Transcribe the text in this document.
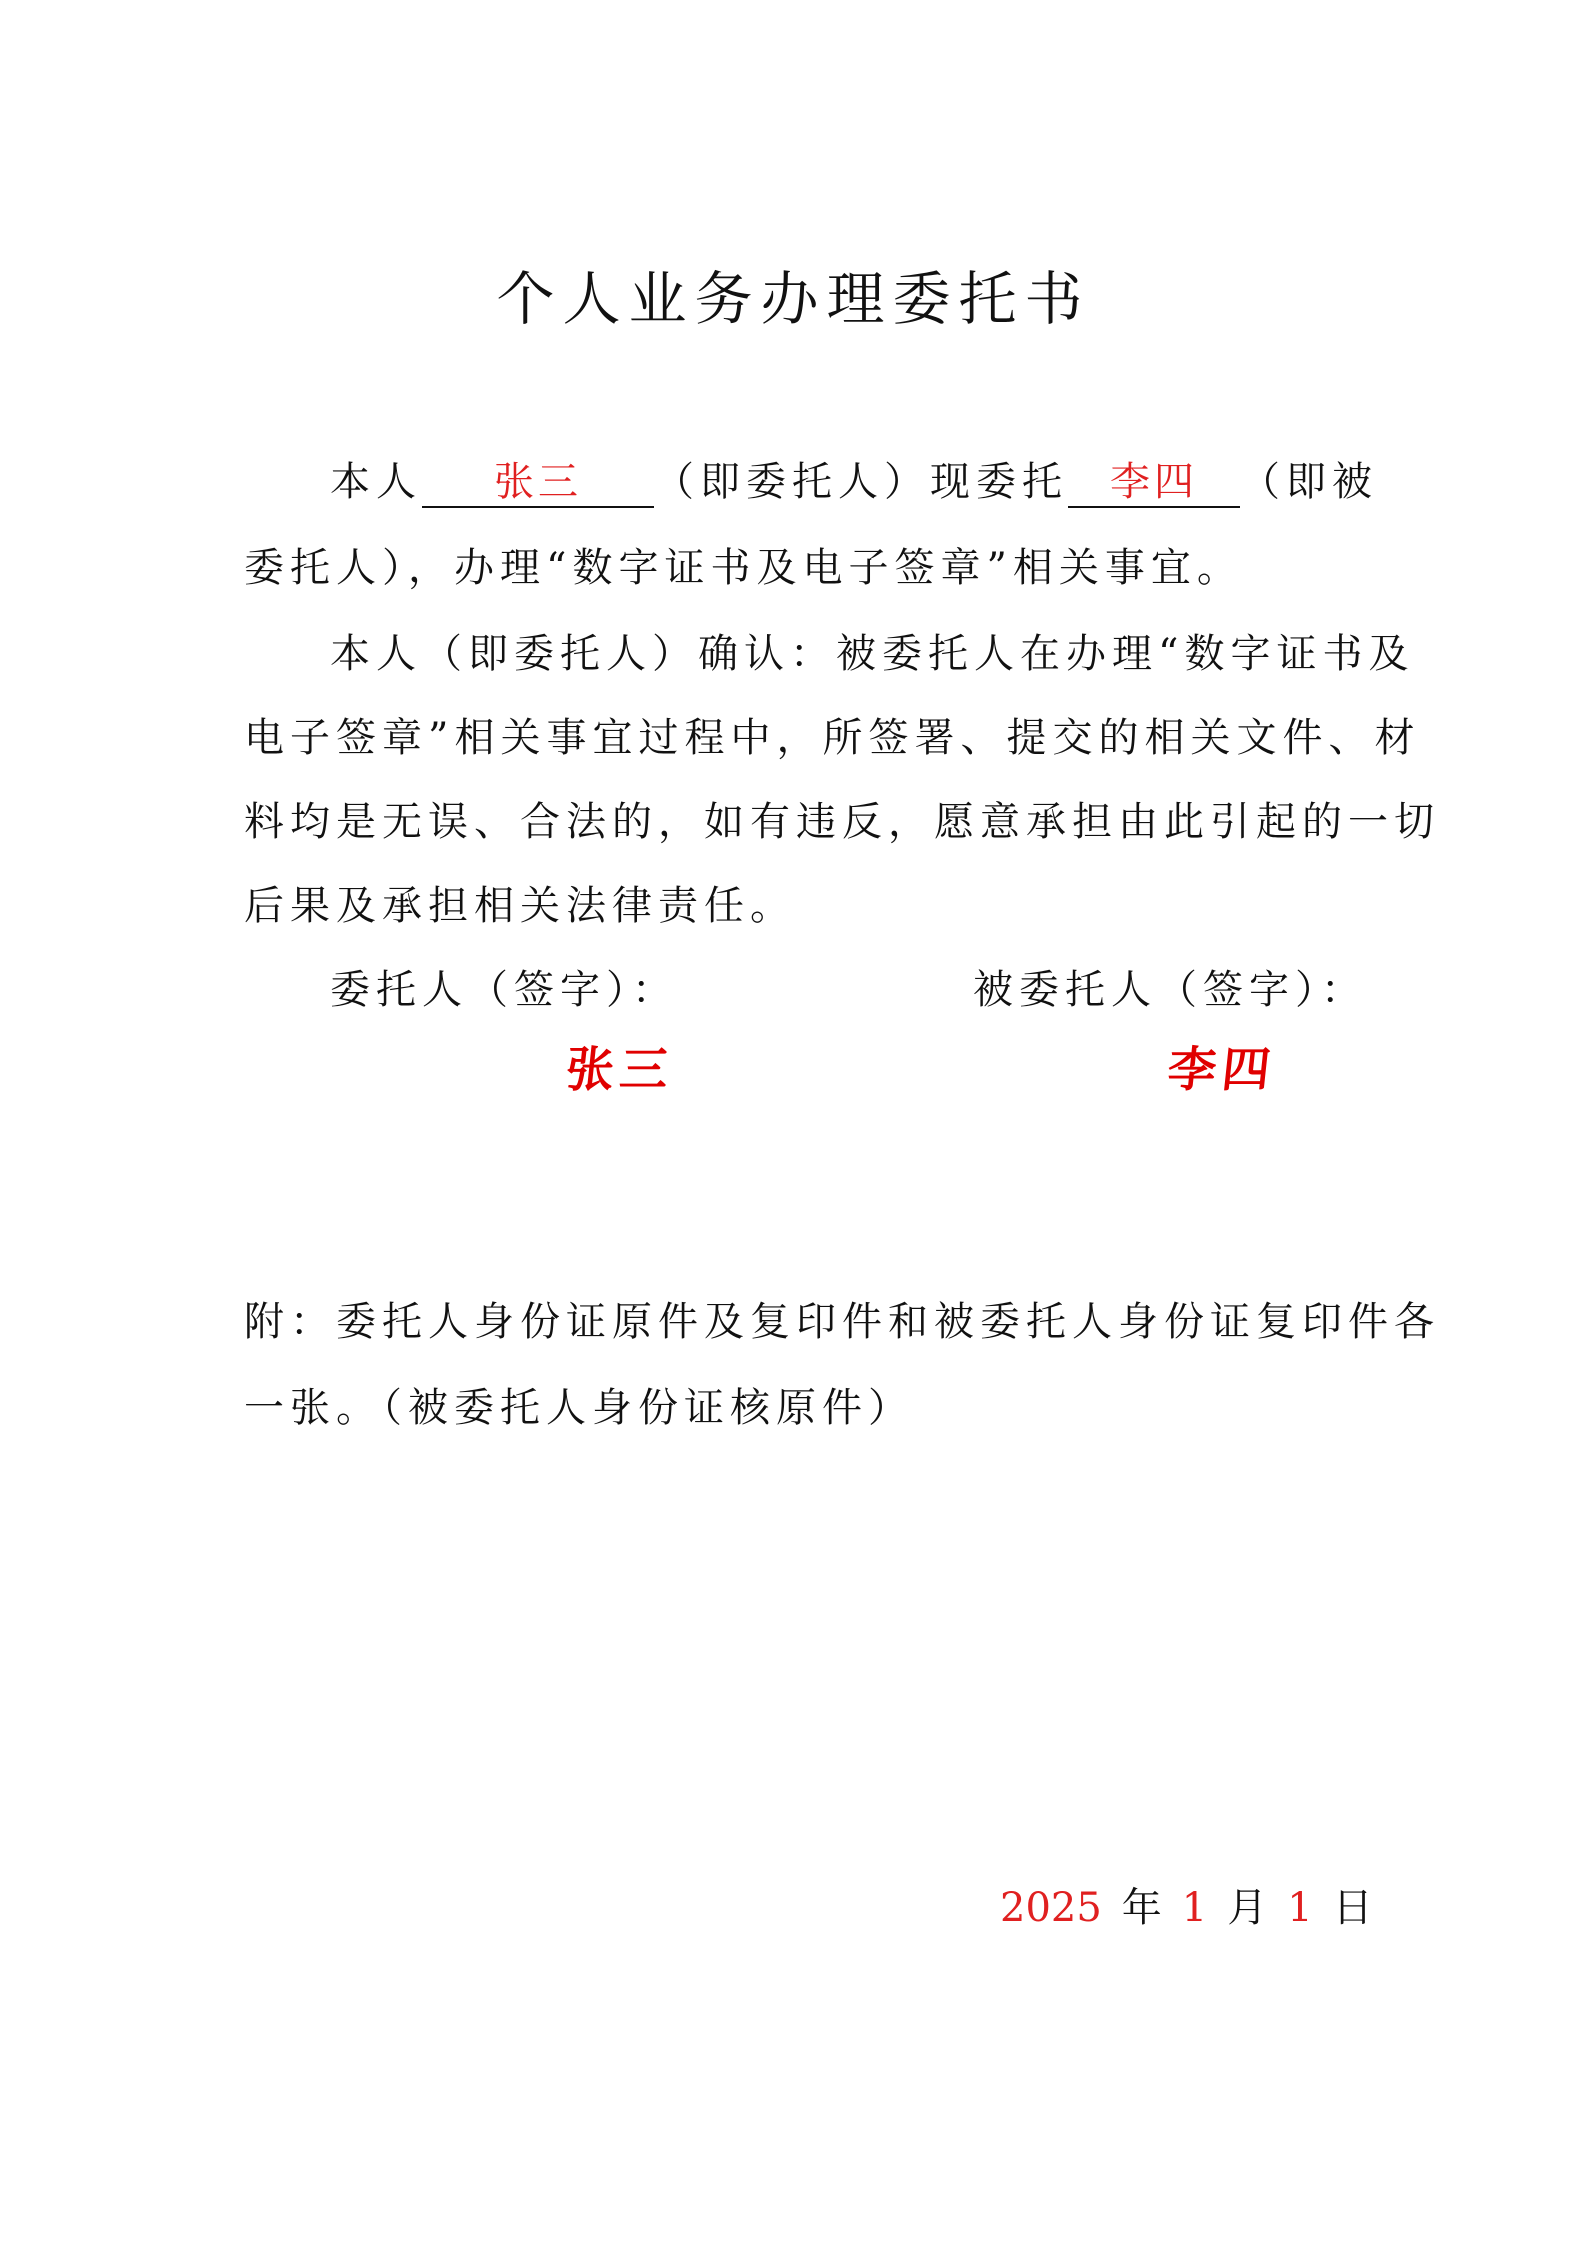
个人业务办理委托书
本人 张三 （即委托人）现委托 李四 （即被
委托人），办理“数字证书及电子签章”相关事宜。
本人（即委托人）确认：被委托人在办理“数字证书及
电子签章”相关事宜过程中，所签署、提交的相关文件、材
料均是无误、合法的，如有违反，愿意承担由此引起的一切
后果及承担相关法律责任。
委托人（签字）：	被委托人（签字）：
张三	李四
附：委托人身份证原件及复印件和被委托人身份证复印件各
一张。（被委托人身份证核原件）
2025 年 1 月 1 日
